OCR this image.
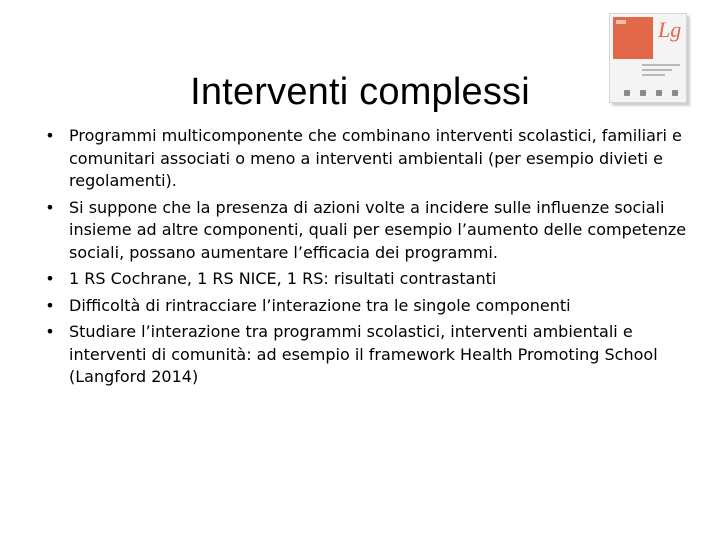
Interventi complessi
Lg
• Programmi multicomponente che combinano interventi scolastici, familiari e comunitari associati o meno a interventi ambientali (per esempio divieti e regolamenti).
• Si suppone che la presenza di azioni volte a incidere sulle influenze sociali insieme ad altre componenti, quali per esempio l’aumento delle competenze sociali, possano aumentare l’efficacia dei programmi.
• 1 RS Cochrane, 1 RS NICE, 1 RS: risultati contrastanti
• Difficoltà di rintracciare l’interazione tra le singole componenti
• Studiare l’interazione tra programmi scolastici, interventi ambientali e interventi di comunità: ad esempio il framework Health Promoting School (Langford 2014)
